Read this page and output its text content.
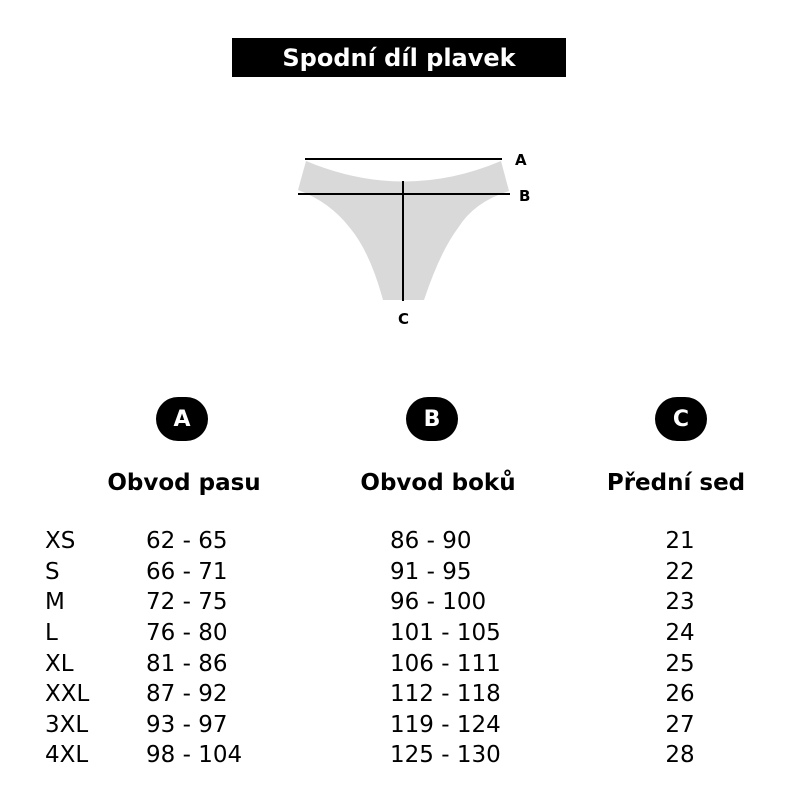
Spodní díl plavek
A
B
C
A	B	C
Obvod pasu	Obvod boků	Přední sed
XS	62 - 65	86 - 90	21
S	66 - 71	91 - 95	22
M	72 - 75	96 - 100	23
L	76 - 80	101 - 105	24
XL	81 - 86	106 - 111	25
XXL 87 - 92	112 - 118	26
3XL	93 - 97	119 - 124	27
4XL	98 - 104	125 - 130	28
